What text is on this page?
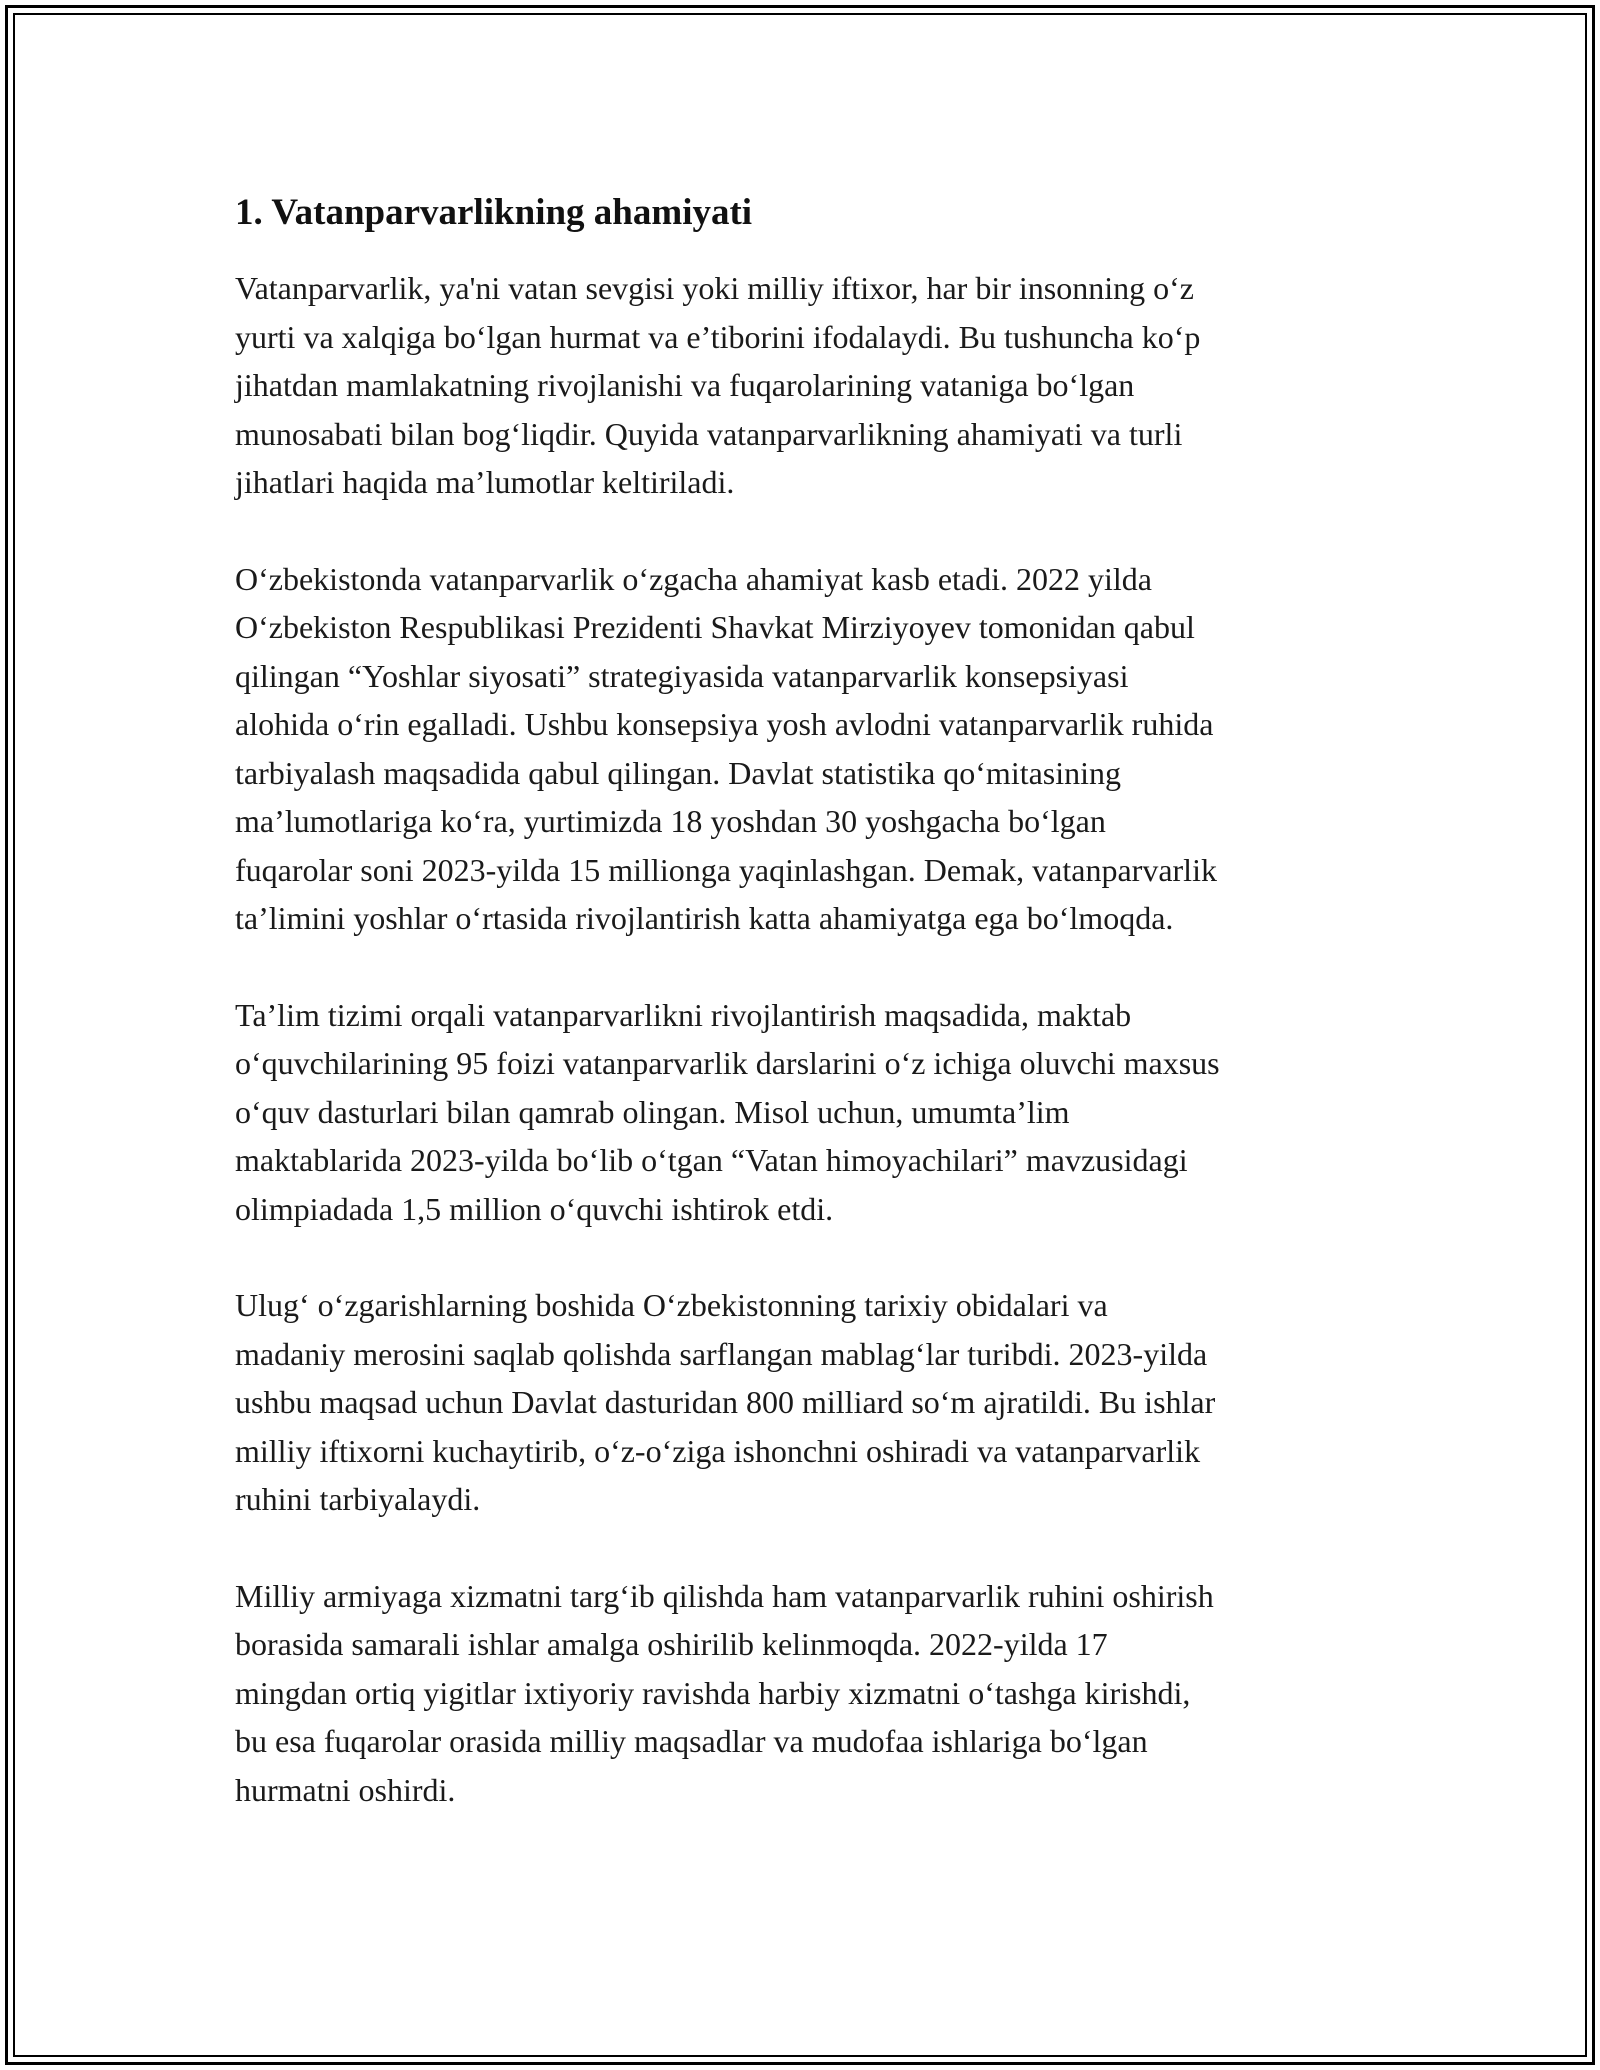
1. Vatanparvarlikning ahamiyati

Vatanparvarlik, ya'ni vatan sevgisi yoki milliy iftixor, har bir insonning o‘z
yurti va xalqiga bo‘lgan hurmat va e’tiborini ifodalaydi. Bu tushuncha ko‘p
jihatdan mamlakatning rivojlanishi va fuqarolarining vataniga bo‘lgan
munosabati bilan bog‘liqdir. Quyida vatanparvarlikning ahamiyati va turli
jihatlari haqida ma’lumotlar keltiriladi.

O‘zbekistonda vatanparvarlik o‘zgacha ahamiyat kasb etadi. 2022 yilda
O‘zbekiston Respublikasi Prezidenti Shavkat Mirziyoyev tomonidan qabul
qilingan “Yoshlar siyosati” strategiyasida vatanparvarlik konsepsiyasi
alohida o‘rin egalladi. Ushbu konsepsiya yosh avlodni vatanparvarlik ruhida
tarbiyalash maqsadida qabul qilingan. Davlat statistika qo‘mitasining
ma’lumotlariga ko‘ra, yurtimizda 18 yoshdan 30 yoshgacha bo‘lgan
fuqarolar soni 2023-yilda 15 millionga yaqinlashgan. Demak, vatanparvarlik
ta’limini yoshlar o‘rtasida rivojlantirish katta ahamiyatga ega bo‘lmoqda.

Ta’lim tizimi orqali vatanparvarlikni rivojlantirish maqsadida, maktab
o‘quvchilarining 95 foizi vatanparvarlik darslarini o‘z ichiga oluvchi maxsus
o‘quv dasturlari bilan qamrab olingan. Misol uchun, umumta’lim
maktablarida 2023-yilda bo‘lib o‘tgan “Vatan himoyachilari” mavzusidagi
olimpiadada 1,5 million o‘quvchi ishtirok etdi.

Ulug‘ o‘zgarishlarning boshida O‘zbekistonning tarixiy obidalari va
madaniy merosini saqlab qolishda sarflangan mablag‘lar turibdi. 2023-yilda
ushbu maqsad uchun Davlat dasturidan 800 milliard so‘m ajratildi. Bu ishlar
milliy iftixorni kuchaytirib, o‘z-o‘ziga ishonchni oshiradi va vatanparvarlik
ruhini tarbiyalaydi.

Milliy armiyaga xizmatni targ‘ib qilishda ham vatanparvarlik ruhini oshirish
borasida samarali ishlar amalga oshirilib kelinmoqda. 2022-yilda 17
mingdan ortiq yigitlar ixtiyoriy ravishda harbiy xizmatni o‘tashga kirishdi,
bu esa fuqarolar orasida milliy maqsadlar va mudofaa ishlariga bo‘lgan
hurmatni oshirdi.
